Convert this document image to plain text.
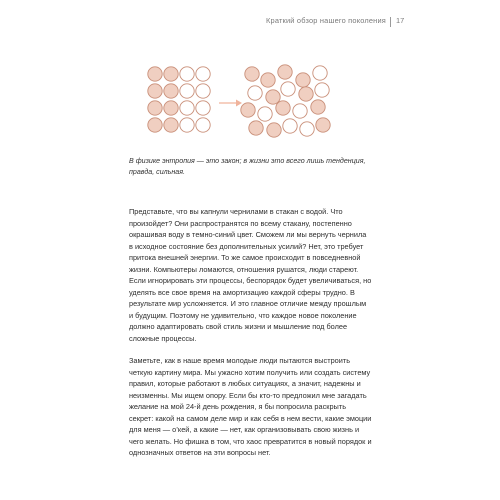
Краткий обзор нашего поколения 17
В физике энтропия — это закон; в жизни это всего лишь тенденция, правда, сильная.

Представьте, что вы капнули чернилами в стакан с водой. Что произойдет? Они распространятся по всему стакану, постепенно окрашивая воду в темно-синий цвет. Сможем ли мы вернуть чернила в исходное состояние без дополнительных усилий? Нет, это требует притока внешней энергии. То же самое происходит в повседневной жизни. Компьютеры ломаются, отношения рушатся, люди стареют. Если игнорировать эти процессы, беспорядок будет увеличиваться, но уделять все свое время на амортизацию каждой сферы трудно. В результате мир усложняется. И это главное отличие между прошлым и будущим. Поэтому не удивительно, что каждое новое поколение должно адаптировать свой стиль жизни и мышление под более сложные процессы.

Заметьте, как в наше время молодые люди пытаются выстроить четкую картину мира. Мы ужасно хотим получить или создать систему правил, которые работают в любых ситуациях, а значит, надежны и неизменны. Мы ищем опору. Если бы кто-то предложил мне загадать желание на мой 24-й день рождения, я бы попросила раскрыть секрет: какой на самом деле мир и как себя в нем вести, какие эмоции для меня — о’кей, а какие — нет, как организовывать свою жизнь и чего желать. Но фишка в том, что хаос превратится в новый порядок и однозначных ответов на эти вопросы нет.
